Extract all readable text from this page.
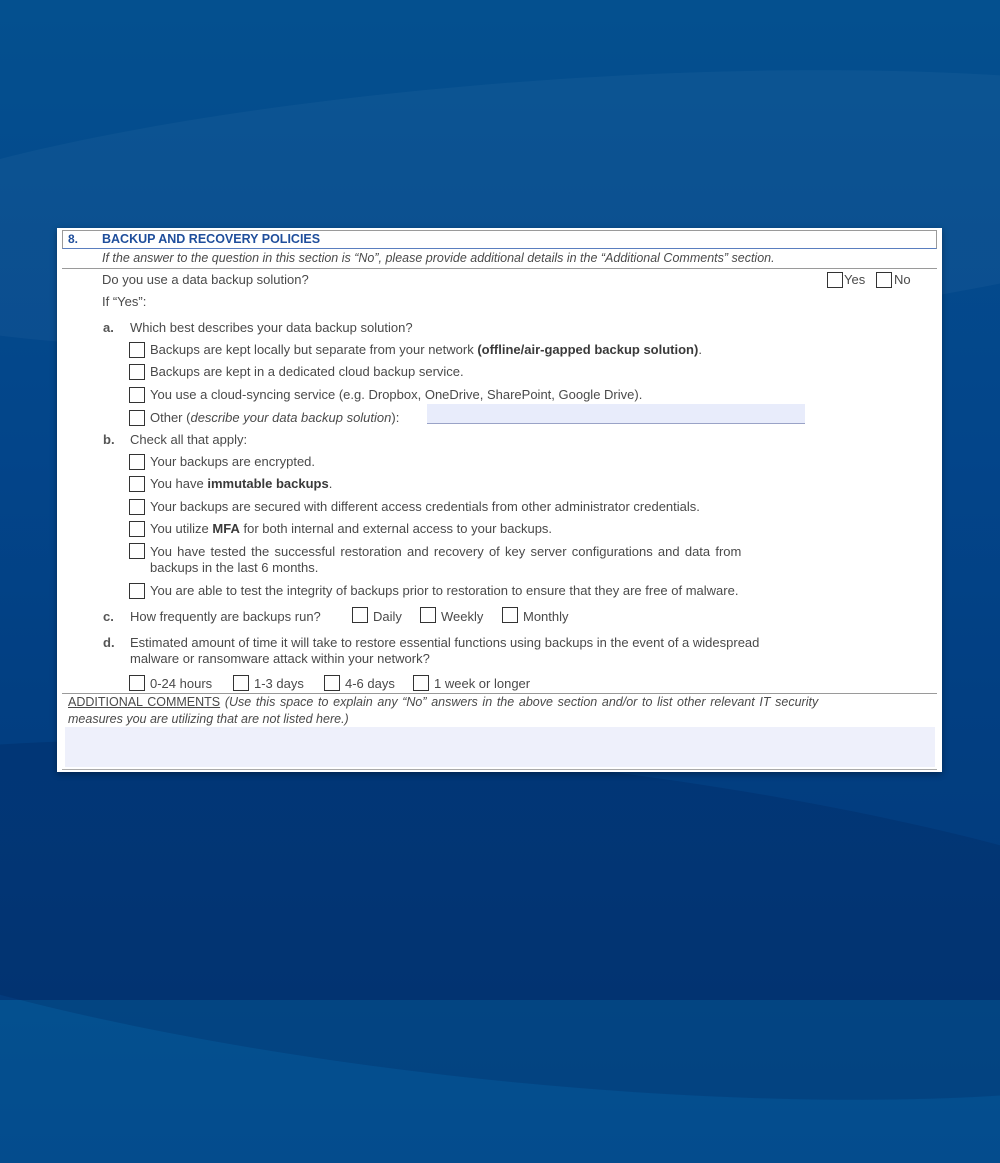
8. BACKUP AND RECOVERY POLICIES
If the answer to the question in this section is “No”, please provide additional details in the “Additional Comments” section.
Do you use a data backup solution?	Yes No
If “Yes”:
a. Which best describes your data backup solution?
Backups are kept locally but separate from your network (offline/air-gapped backup solution).
Backups are kept in a dedicated cloud backup service.
You use a cloud-syncing service (e.g. Dropbox, OneDrive, SharePoint, Google Drive).
Other (describe your data backup solution):
b. Check all that apply:
Your backups are encrypted.
You have immutable backups.
Your backups are secured with different access credentials from other administrator credentials.
You utilize MFA for both internal and external access to your backups.
You have tested the successful restoration and recovery of key server configurations and data from
backups in the last 6 months.
You are able to test the integrity of backups prior to restoration to ensure that they are free of malware.
c. How frequently are backups run?	Daily	Weekly	Monthly
d. Estimated amount of time it will take to restore essential functions using backups in the event of a widespread
malware or ransomware attack within your network?
0-24 hours	1-3 days	4-6 days	1 week or longer
ADDITIONAL COMMENTS (Use this space to explain any “No” answers in the above section and/or to list other relevant IT security
measures you are utilizing that are not listed here.)
